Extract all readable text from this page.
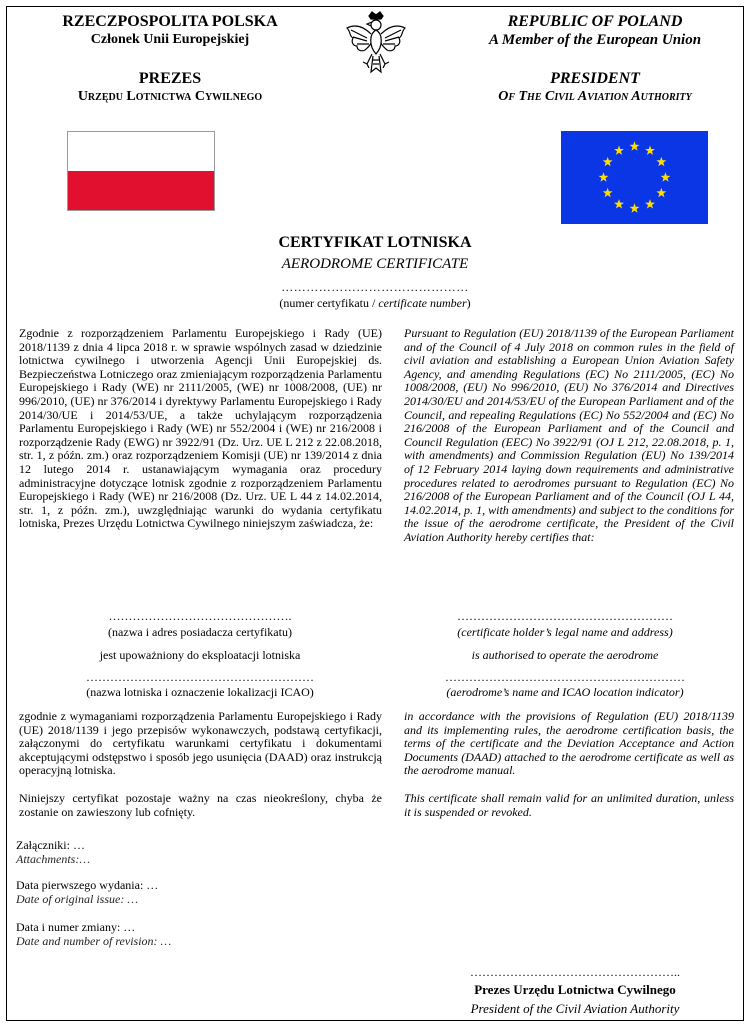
RZECZPOSPOLITA POLSKA
Członek Unii Europejskiej
PREZES
Urzędu Lotnictwa Cywilnego
REPUBLIC OF POLAND
A Member of the European Union
PRESIDENT
Of The Civil Aviation Authority
CERTYFIKAT LOTNISKA
AERODROME CERTIFICATE
………………………………………
(numer certyfikatu / certificate number)
Zgodnie z rozporządzeniem Parlamentu Europejskiego i Rady (UE) 2018/1139 z dnia 4 lipca 2018 r. w sprawie wspólnych zasad w dziedzinie lotnictwa cywilnego i utworzenia Agencji Unii Europejskiej ds. Bezpieczeństwa Lotniczego oraz zmieniającym rozporządzenia Parlamentu Europejskiego i Rady (WE) nr 2111/2005, (WE) nr 1008/2008, (UE) nr 996/2010, (UE) nr 376/2014 i dyrektywy Parlamentu Europejskiego i Rady 2014/30/UE i 2014/53/UE, a także uchylającym rozporządzenia Parlamentu Europejskiego i Rady (WE) nr 552/2004 i (WE) nr 216/2008 i rozporządzenie Rady (EWG) nr 3922/91 (Dz. Urz. UE L 212 z 22.08.2018, str. 1, z późn. zm.) oraz rozporządzeniem Komisji (UE) nr 139/2014 z dnia 12 lutego 2014 r. ustanawiającym wymagania oraz procedury administracyjne dotyczące lotnisk zgodnie z rozporządzeniem Parlamentu Europejskiego i Rady (WE) nr 216/2008 (Dz. Urz. UE L 44 z 14.02.2014, str. 1, z późn. zm.), uwzględniając warunki do wydania certyfikatu lotniska, Prezes Urzędu Lotnictwa Cywilnego niniejszym zaświadcza, że:
Pursuant to Regulation (EU) 2018/1139 of the European Parliament and of the Council of 4 July 2018 on common rules in the field of civil aviation and establishing a European Union Aviation Safety Agency, and amending Regulations (EC) No 2111/2005, (EC) No 1008/2008, (EU) No 996/2010, (EU) No 376/2014 and Directives 2014/30/EU and 2014/53/EU of the European Parliament and of the Council, and repealing Regulations (EC) No 552/2004 and (EC) No 216/2008 of the European Parliament and of the Council and Council Regulation (EEC) No 3922/91 (OJ L 212, 22.08.2018, p. 1, with amendments) and Commission Regulation (EU) No 139/2014 of 12 February 2014 laying down requirements and administrative procedures related to aerodromes pursuant to Regulation (EC) No 216/2008 of the European Parliament and of the Council (OJ L 44, 14.02.2014, p. 1, with amendments) and subject to the conditions for the issue of the aerodrome certificate, the President of the Civil Aviation Authority hereby certifies that:
……………………………………….
(nazwa i adres posiadacza certyfikatu)
………………………………………………
(certificate holder’s legal name and address)
jest upoważniony do eksploatacji lotniska	is authorised to operate the aerodrome
…………………………………………………
(nazwa lotniska i oznaczenie lokalizacji ICAO)
……………………………………………………
(aerodrome’s name and ICAO location indicator)
zgodnie z wymaganiami rozporządzenia Parlamentu Europejskiego i Rady (UE) 2018/1139 i jego przepisów wykonawczych, podstawą certyfikacji, załączonymi do certyfikatu warunkami certyfikatu i dokumentami akceptującymi odstępstwo i sposób jego usunięcia (DAAD) oraz instrukcją operacyjną lotniska.
in accordance with the provisions of Regulation (EU) 2018/1139 and its implementing rules, the aerodrome certification basis, the terms of the certificate and the Deviation Acceptance and Action Documents (DAAD) attached to the aerodrome certificate as well as the aerodrome manual.
Niniejszy certyfikat pozostaje ważny na czas nieokreślony, chyba że zostanie on zawieszony lub cofnięty.
This certificate shall remain valid for an unlimited duration, unless it is suspended or revoked.
Załączniki: …
Attachments:…
Data pierwszego wydania: …
Date of original issue: …
Data i numer zmiany: …
Date and number of revision: …
……………………………………………..
Prezes Urzędu Lotnictwa Cywilnego
President of the Civil Aviation Authority
